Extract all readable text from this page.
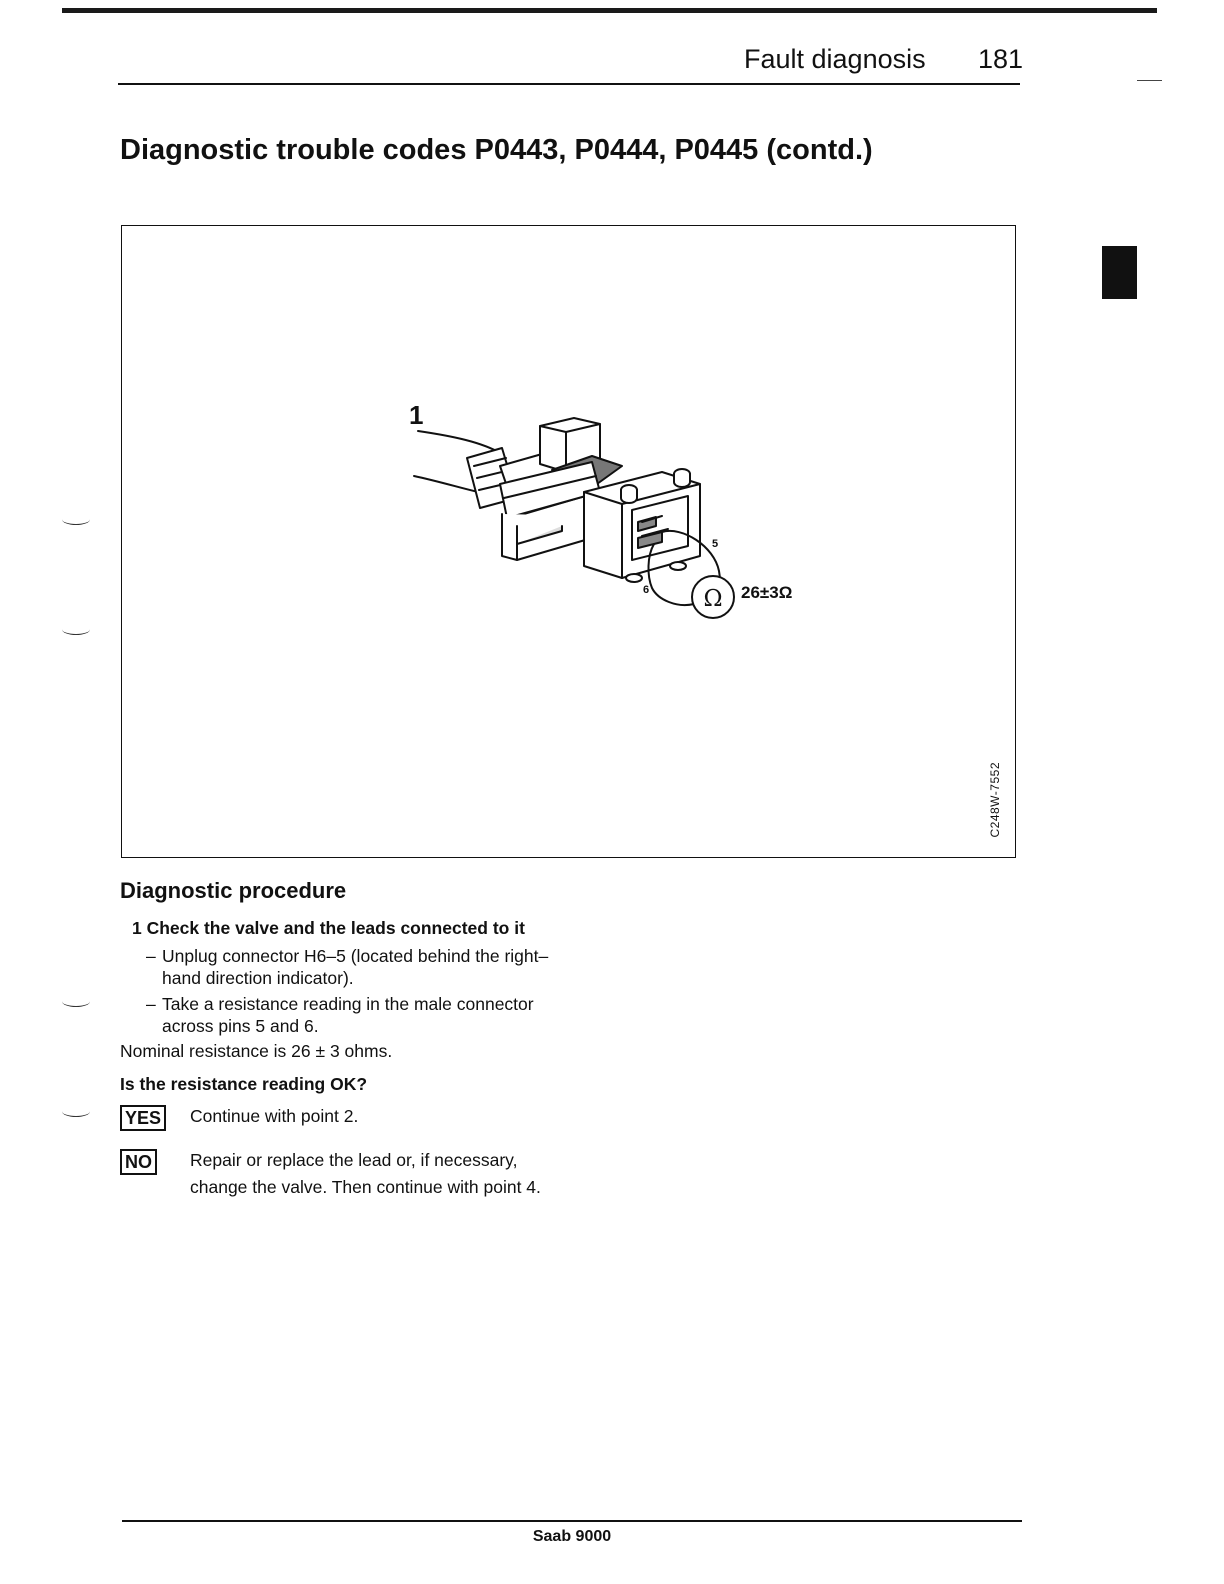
Fault diagnosis 181
Diagnostic trouble codes P0443, P0444, P0445 (contd.)
Ω
1
5
6	26±3Ω
C248W-7552
Diagnostic procedure
1 Check the valve and the leads connected to it
– Unplug connector H6–5 (located behind the right–hand direction indicator).
– Take a resistance reading in the male connector across pins 5 and 6.
Nominal resistance is 26 ± 3 ohms.
Is the resistance reading OK?
YES Continue with point 2.
NO Repair or replace the lead or, if necessary, change the valve. Then continue with point 4.
Saab 9000
